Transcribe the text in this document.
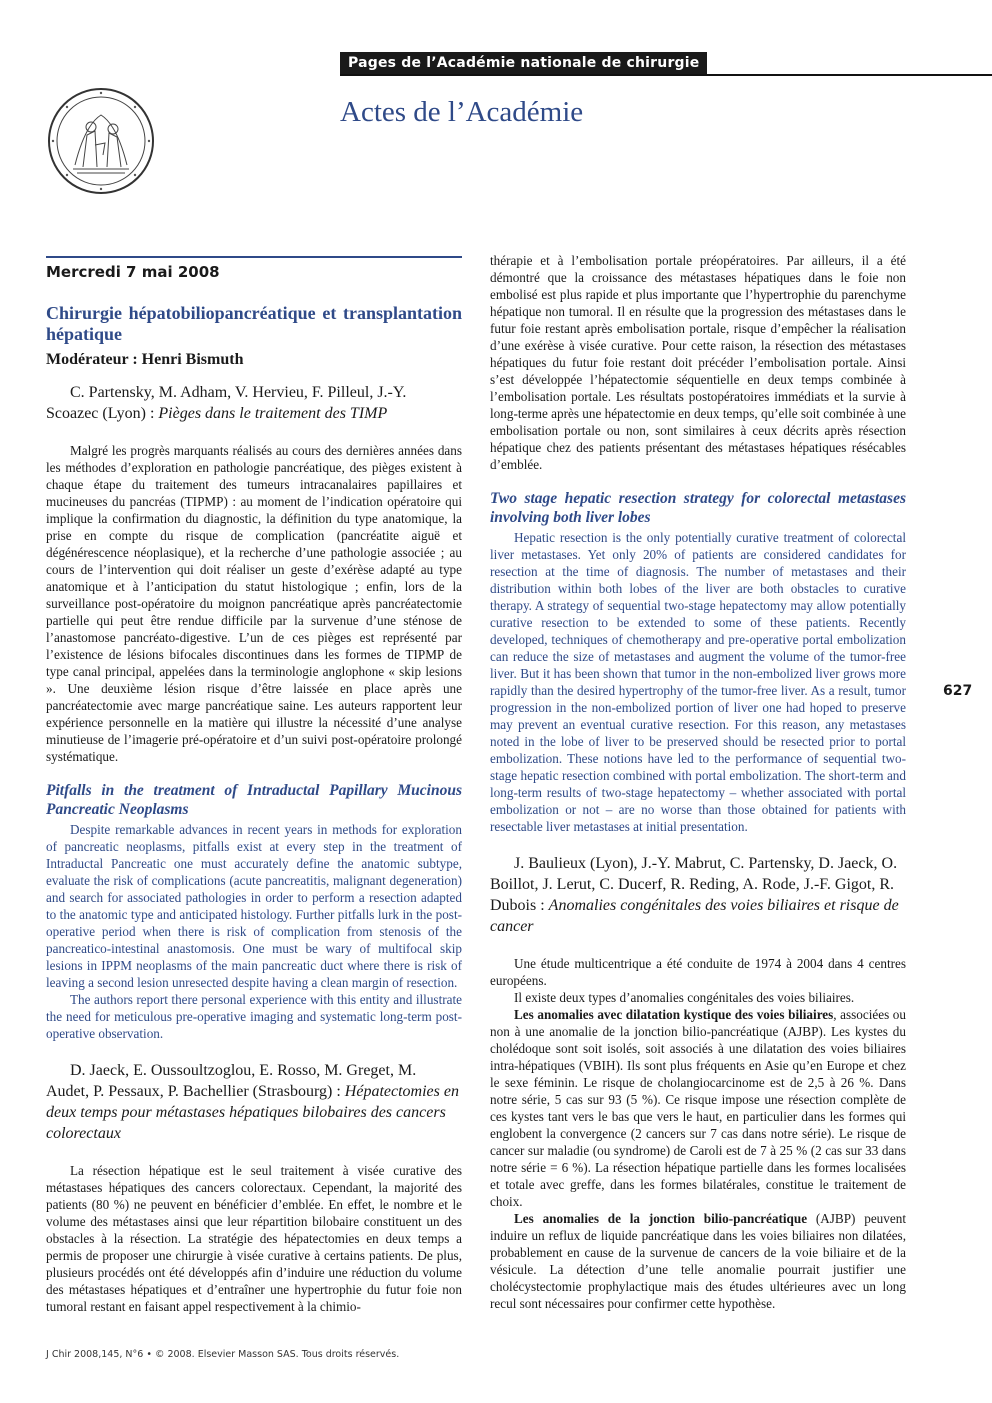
Pages de l’Académie nationale de chirurgie
Actes de l’Académie
Mercredi 7 mai 2008
Chirurgie hépatobiliopancréatique et transplantation hépatique
Modérateur : Henri Bismuth
C. Partensky, M. Adham, V. Hervieu, F. Pilleul, J.-Y. Scoazec (Lyon) : Pièges dans le traitement des TIMP

Malgré les progrès marquants réalisés au cours des dernières années dans les méthodes d’exploration en pathologie pancréatique, des pièges existent à chaque étape du traitement des tumeurs intracanalaires papillaires et mucineuses du pancréas (TIPMP) : au moment de l’indication opératoire qui implique la confirmation du diagnostic, la définition du type anatomique, la prise en compte du risque de complication (pancréatite aiguë et dégénérescence néoplasique), et la recherche d’une pathologie associée ; au cours de l’intervention qui doit réaliser un geste d’exérèse adapté au type anatomique et à l’anticipation du statut histologique ; enfin, lors de la surveillance post-opératoire du moignon pancréatique après pancréatectomie partielle qui peut être rendue difficile par la survenue d’une sténose de l’anastomose pancréato-digestive. L’un de ces pièges est représenté par l’existence de lésions bifocales discontinues dans les formes de TIPMP de type canal principal, appelées dans la terminologie anglophone « skip lesions ». Une deuxième lésion risque d’être laissée en place après une pancréatectomie avec marge pancréatique saine. Les auteurs rapportent leur expérience personnelle en la matière qui illustre la nécessité d’une analyse minutieuse de l’imagerie pré-opératoire et d’un suivi post-opératoire prolongé systématique.

Pitfalls in the treatment of Intraductal Papillary Mucinous Pancreatic Neoplasms

Despite remarkable advances in recent years in methods for exploration of pancreatic neoplasms, pitfalls exist at every step in the treatment of Intraductal Pancreatic one must accurately define the anatomic subtype, evaluate the risk of complications (acute pancreatitis, malignant degeneration) and search for associated pathologies in order to perform a resection adapted to the anatomic type and anticipated histology. Further pitfalls lurk in the post-operative period when there is risk of complication from stenosis of the pancreatico-intestinal anastomosis. One must be wary of multifocal skip lesions in IPPM neoplasms of the main pancreatic duct where there is risk of leaving a second lesion unresected despite having a clean margin of resection.

The authors report there personal experience with this entity and illustrate the need for meticulous pre-operative imaging and systematic long-term post-operative observation.

D. Jaeck, E. Oussoultzoglou, E. Rosso, M. Greget, M. Audet, P. Pessaux, P. Bachellier (Strasbourg) : Hépatectomies en deux temps pour métastases hépatiques bilobaires des cancers colorectaux

La résection hépatique est le seul traitement à visée curative des métastases hépatiques des cancers colorectaux. Cependant, la majorité des patients (80 %) ne peuvent en bénéficier d’emblée. En effet, le nombre et le volume des métastases ainsi que leur répartition bilobaire constituent un des obstacles à la résection. La stratégie des hépatectomies en deux temps a permis de proposer une chirurgie à visée curative à certains patients. De plus, plusieurs procédés ont été développés afin d’induire une réduction du volume des métastases hépatiques et d’entraîner une hypertrophie du futur foie non tumoral restant en faisant appel respectivement à la chimio-

thérapie et à l’embolisation portale préopératoires. Par ailleurs, il a été démontré que la croissance des métastases hépatiques dans le foie non embolisé est plus rapide et plus importante que l’hypertrophie du parenchyme hépatique non tumoral. Il en résulte que la progression des métastases dans le futur foie restant après embolisation portale, risque d’empêcher la réalisation d’une exérèse à visée curative. Pour cette raison, la résection des métastases hépatiques du futur foie restant doit précéder l’embolisation portale. Ainsi s’est développée l’hépatectomie séquentielle en deux temps combinée à l’embolisation portale. Les résultats postopératoires immédiats et la survie à long-terme après une hépatectomie en deux temps, qu’elle soit combinée à une embolisation portale ou non, sont similaires à ceux décrits après résection hépatique chez des patients présentant des métastases hépatiques résécables d’emblée.

Two stage hepatic resection strategy for colorectal metastases involving both liver lobes

Hepatic resection is the only potentially curative treatment of colorectal liver metastases. Yet only 20% of patients are considered candidates for resection at the time of diagnosis. The number of metastases and their distribution within both lobes of the liver are both obstacles to curative therapy. A strategy of sequential two-stage hepatectomy may allow potentially curative resection to be extended to some of these patients. Recently developed, techniques of chemotherapy and pre-operative portal embolization can reduce the size of metastases and augment the volume of the tumor-free liver. But it has been shown that tumor in the non-embolized liver grows more rapidly than the desired hypertrophy of the tumor-free liver. As a result, tumor progression in the non-embolized portion of liver one had hoped to preserve may prevent an eventual curative resection. For this reason, any metastases noted in the lobe of liver to be preserved should be resected prior to portal embolization. These notions have led to the performance of sequential two-stage hepatic resection combined with portal embolization. The short-term and long-term results of two-stage hepatectomy – whether associated with portal embolization or not – are no worse than those obtained for patients with resectable liver metastases at initial presentation.

J. Baulieux (Lyon), J.-Y. Mabrut, C. Partensky, D. Jaeck, O. Boillot, J. Lerut, C. Ducerf, R. Reding, A. Rode, J.-F. Gigot, R. Dubois : Anomalies congénitales des voies biliaires et risque de cancer

Une étude multicentrique a été conduite de 1974 à 2004 dans 4 centres européens.

Il existe deux types d’anomalies congénitales des voies biliaires.

Les anomalies avec dilatation kystique des voies biliaires, associées ou non à une anomalie de la jonction bilio-pancréatique (AJBP). Les kystes du cholédoque sont soit isolés, soit associés à une dilatation des voies biliaires intra-hépatiques (VBIH). Ils sont plus fréquents en Asie qu’en Europe et chez le sexe féminin. Le risque de cholangiocarcinome est de 2,5 à 26 %. Dans notre série, 5 cas sur 93 (5 %). Ce risque impose une résection complète de ces kystes tant vers le bas que vers le haut, en particulier dans les formes qui englobent la convergence (2 cancers sur 7 cas dans notre série). Le risque de cancer sur maladie (ou syndrome) de Caroli est de 7 à 25 % (2 cas sur 33 dans notre série = 6 %). La résection hépatique partielle dans les formes localisées et totale avec greffe, dans les formes bilatérales, constitue le traitement de choix.

Les anomalies de la jonction bilio-pancréatique (AJBP) peuvent induire un reflux de liquide pancréatique dans les voies biliaires non dilatées, probablement en cause de la survenue de cancers de la voie biliaire et de la vésicule. La détection d’une telle anomalie pourrait justifier une cholécystectomie prophylactique mais des études ultérieures avec un long recul sont nécessaires pour confirmer cette hypothèse.

627
J Chir 2008,145, N°6 • © 2008. Elsevier Masson SAS. Tous droits réservés.
